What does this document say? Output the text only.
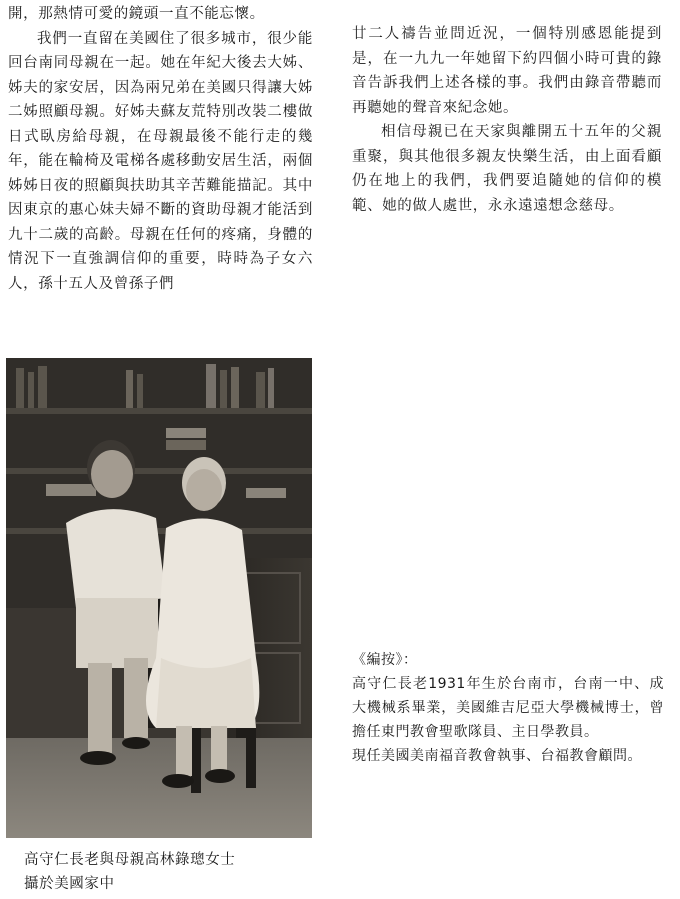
開，那熱情可愛的鏡頭一直不能忘懷。

我們一直留在美國住了很多城市，很少能回台南同母親在一起。她在年紀大後去大姊、姊夫的家安居，因為兩兄弟在美國只得讓大姊二姊照顧母親。好姊夫蘇友荒特別改裝二樓做日式臥房給母親，在母親最後不能行走的幾年，能在輪椅及電梯各處移動安居生活，兩個姊姊日夜的照顧與扶助其辛苦難能描記。其中因東京的惠心妹夫婦不斷的資助母親才能活到九十二歲的高齡。母親在任何的疼痛，身體的情況下一直強調信仰的重要，時時為子女六人，孫十五人及曾孫子們

廿二人禱告並問近況，一個特別感恩能提到是，在一九九一年她留下約四個小時可貴的錄音告訴我們上述各樣的事。我們由錄音帶聽而再聽她的聲音來紀念她。

相信母親已在天家與離開五十五年的父親重聚，與其他很多親友快樂生活，由上面看顧仍在地上的我們，我們要追隨她的信仰的模範、她的做人處世，永永遠遠想念慈母。

高守仁長老與母親高林錄璁女士
攝於美國家中

《編按》：

高守仁長老1931年生於台南市，台南一中、成大機械系畢業，美國維吉尼亞大學機械博士，曾擔任東門教會聖歌隊員、主日學教員。

現任美國美南福音教會執事、台福教會顧問。
